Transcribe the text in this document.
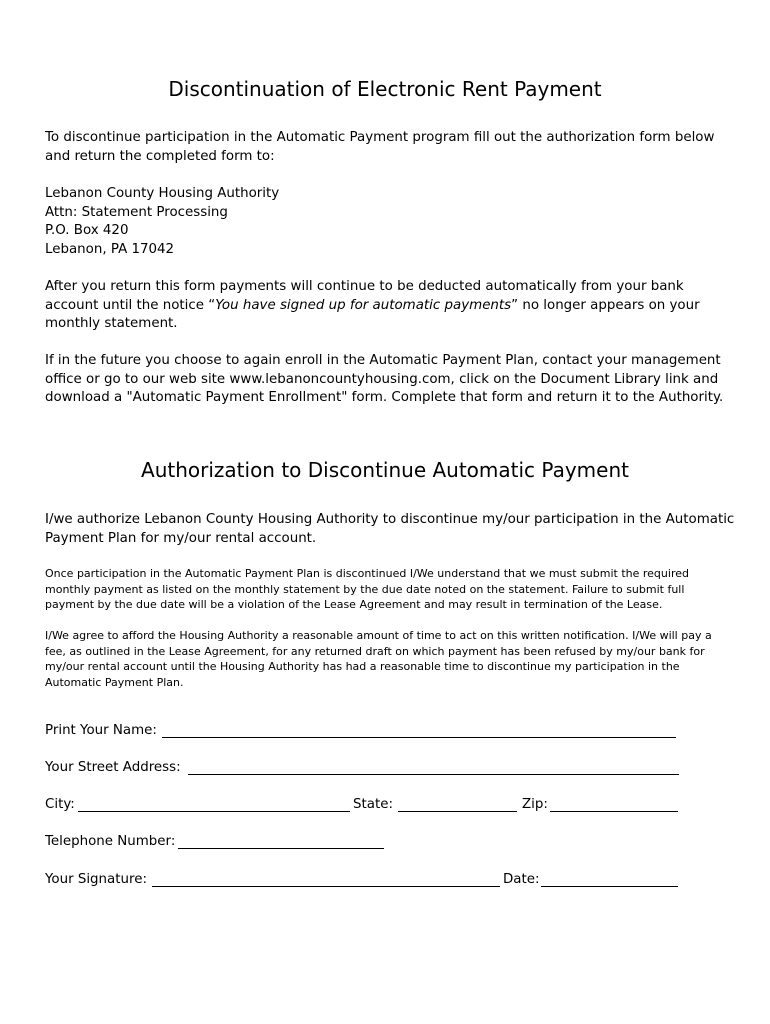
Discontinuation of Electronic Rent Payment
To discontinue participation in the Automatic Payment program fill out the authorization form below and return the completed form to:
Lebanon County Housing Authority
Attn: Statement Processing
P.O. Box 420
Lebanon, PA 17042
After you return this form payments will continue to be deducted automatically from your bank account until the notice “You have signed up for automatic payments” no longer appears on your monthly statement.
If in the future you choose to again enroll in the Automatic Payment Plan, contact your management office or go to our web site www.lebanoncountyhousing.com, click on the Document Library link and download a "Automatic Payment Enrollment" form. Complete that form and return it to the Authority.
Authorization to Discontinue Automatic Payment
I/we authorize Lebanon County Housing Authority to discontinue my/our participation in the Automatic Payment Plan for my/our rental account.
Once participation in the Automatic Payment Plan is discontinued I/We understand that we must submit the required monthly payment as listed on the monthly statement by the due date noted on the statement. Failure to submit full payment by the due date will be a violation of the Lease Agreement and may result in termination of the Lease.
I/We agree to afford the Housing Authority a reasonable amount of time to act on this written notification. I/We will pay a fee, as outlined in the Lease Agreement, for any returned draft on which payment has been refused by my/our bank for my/our rental account until the Housing Authority has had a reasonable time to discontinue my participation in the Automatic Payment Plan.
Print Your Name:
Your Street Address:
City:	State:	Zip:
Telephone Number:
Your Signature:	Date:
